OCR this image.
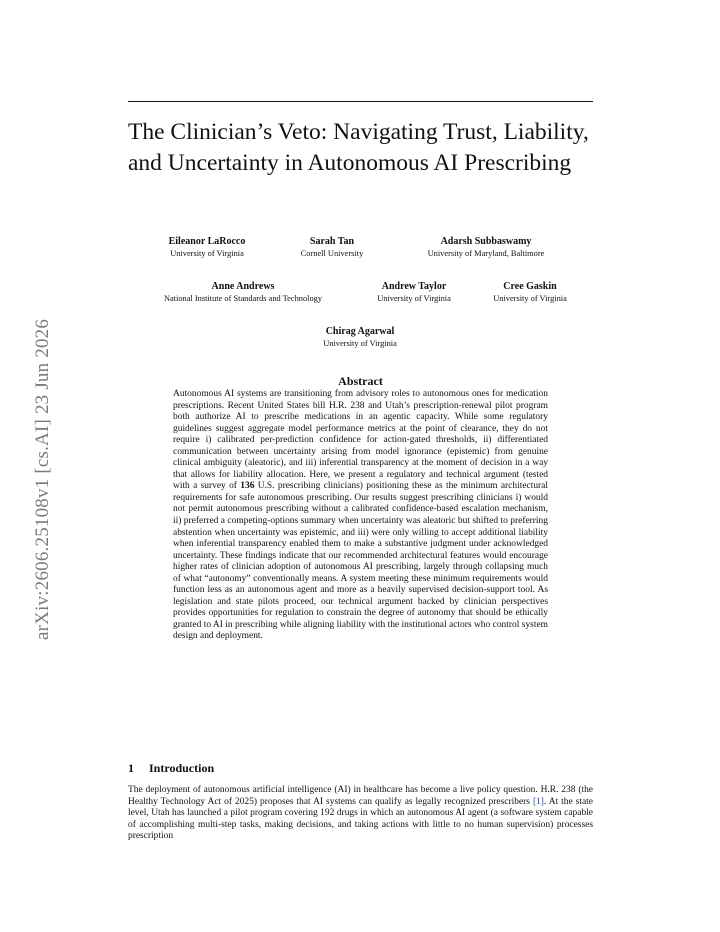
arXiv:2606.25108v1 [cs.AI] 23 Jun 2026
The Clinician’s Veto: Navigating Trust, Liability, and Uncertainty in Autonomous AI Prescribing
Eileanor LaRocco
University of Virginia
Sarah Tan
Cornell University
Adarsh Subbaswamy
University of Maryland, Baltimore
Anne Andrews
National Institute of Standards and Technology
Andrew Taylor
University of Virginia
Cree Gaskin
University of Virginia
Chirag Agarwal
University of Virginia
Abstract

Autonomous AI systems are transitioning from advisory roles to autonomous ones for medication prescriptions. Recent United States bill H.R. 238 and Utah’s prescription-renewal pilot program both authorize AI to prescribe medications in an agentic capacity. While some regulatory guidelines suggest aggregate model performance metrics at the point of clearance, they do not require i) calibrated per-prediction confidence for action-gated thresholds, ii) differentiated communication between uncertainty arising from model ignorance (epistemic) from genuine clinical ambiguity (aleatoric), and iii) inferential transparency at the moment of decision in a way that allows for liability allocation. Here, we present a regulatory and technical argument (tested with a survey of 136 U.S. prescribing clinicians) positioning these as the minimum architectural requirements for safe autonomous prescribing. Our results suggest prescribing clinicians i) would not permit autonomous prescribing without a calibrated confidence-based escalation mechanism, ii) preferred a competing-options summary when uncertainty was aleatoric but shifted to preferring abstention when uncertainty was epistemic, and iii) were only willing to accept additional liability when inferential transparency enabled them to make a substantive judgment under acknowledged uncertainty. These findings indicate that our recommended architectural features would encourage higher rates of clinician adoption of autonomous AI prescribing, largely through collapsing much of what “autonomy” conventionally means. A system meeting these minimum requirements would function less as an autonomous agent and more as a heavily supervised decision-support tool. As legislation and state pilots proceed, our technical argument backed by clinician perspectives provides opportunities for regulation to constrain the degree of autonomy that should be ethically granted to AI in prescribing while aligning liability with the institutional actors who control system design and deployment.

1 Introduction

The deployment of autonomous artificial intelligence (AI) in healthcare has become a live policy question. H.R. 238 (the Healthy Technology Act of 2025) proposes that AI systems can qualify as legally recognized prescribers [1]. At the state level, Utah has launched a pilot program covering 192 drugs in which an autonomous AI agent (a software system capable of accomplishing multi-step tasks, making decisions, and taking actions with little to no human supervision) processes prescription
